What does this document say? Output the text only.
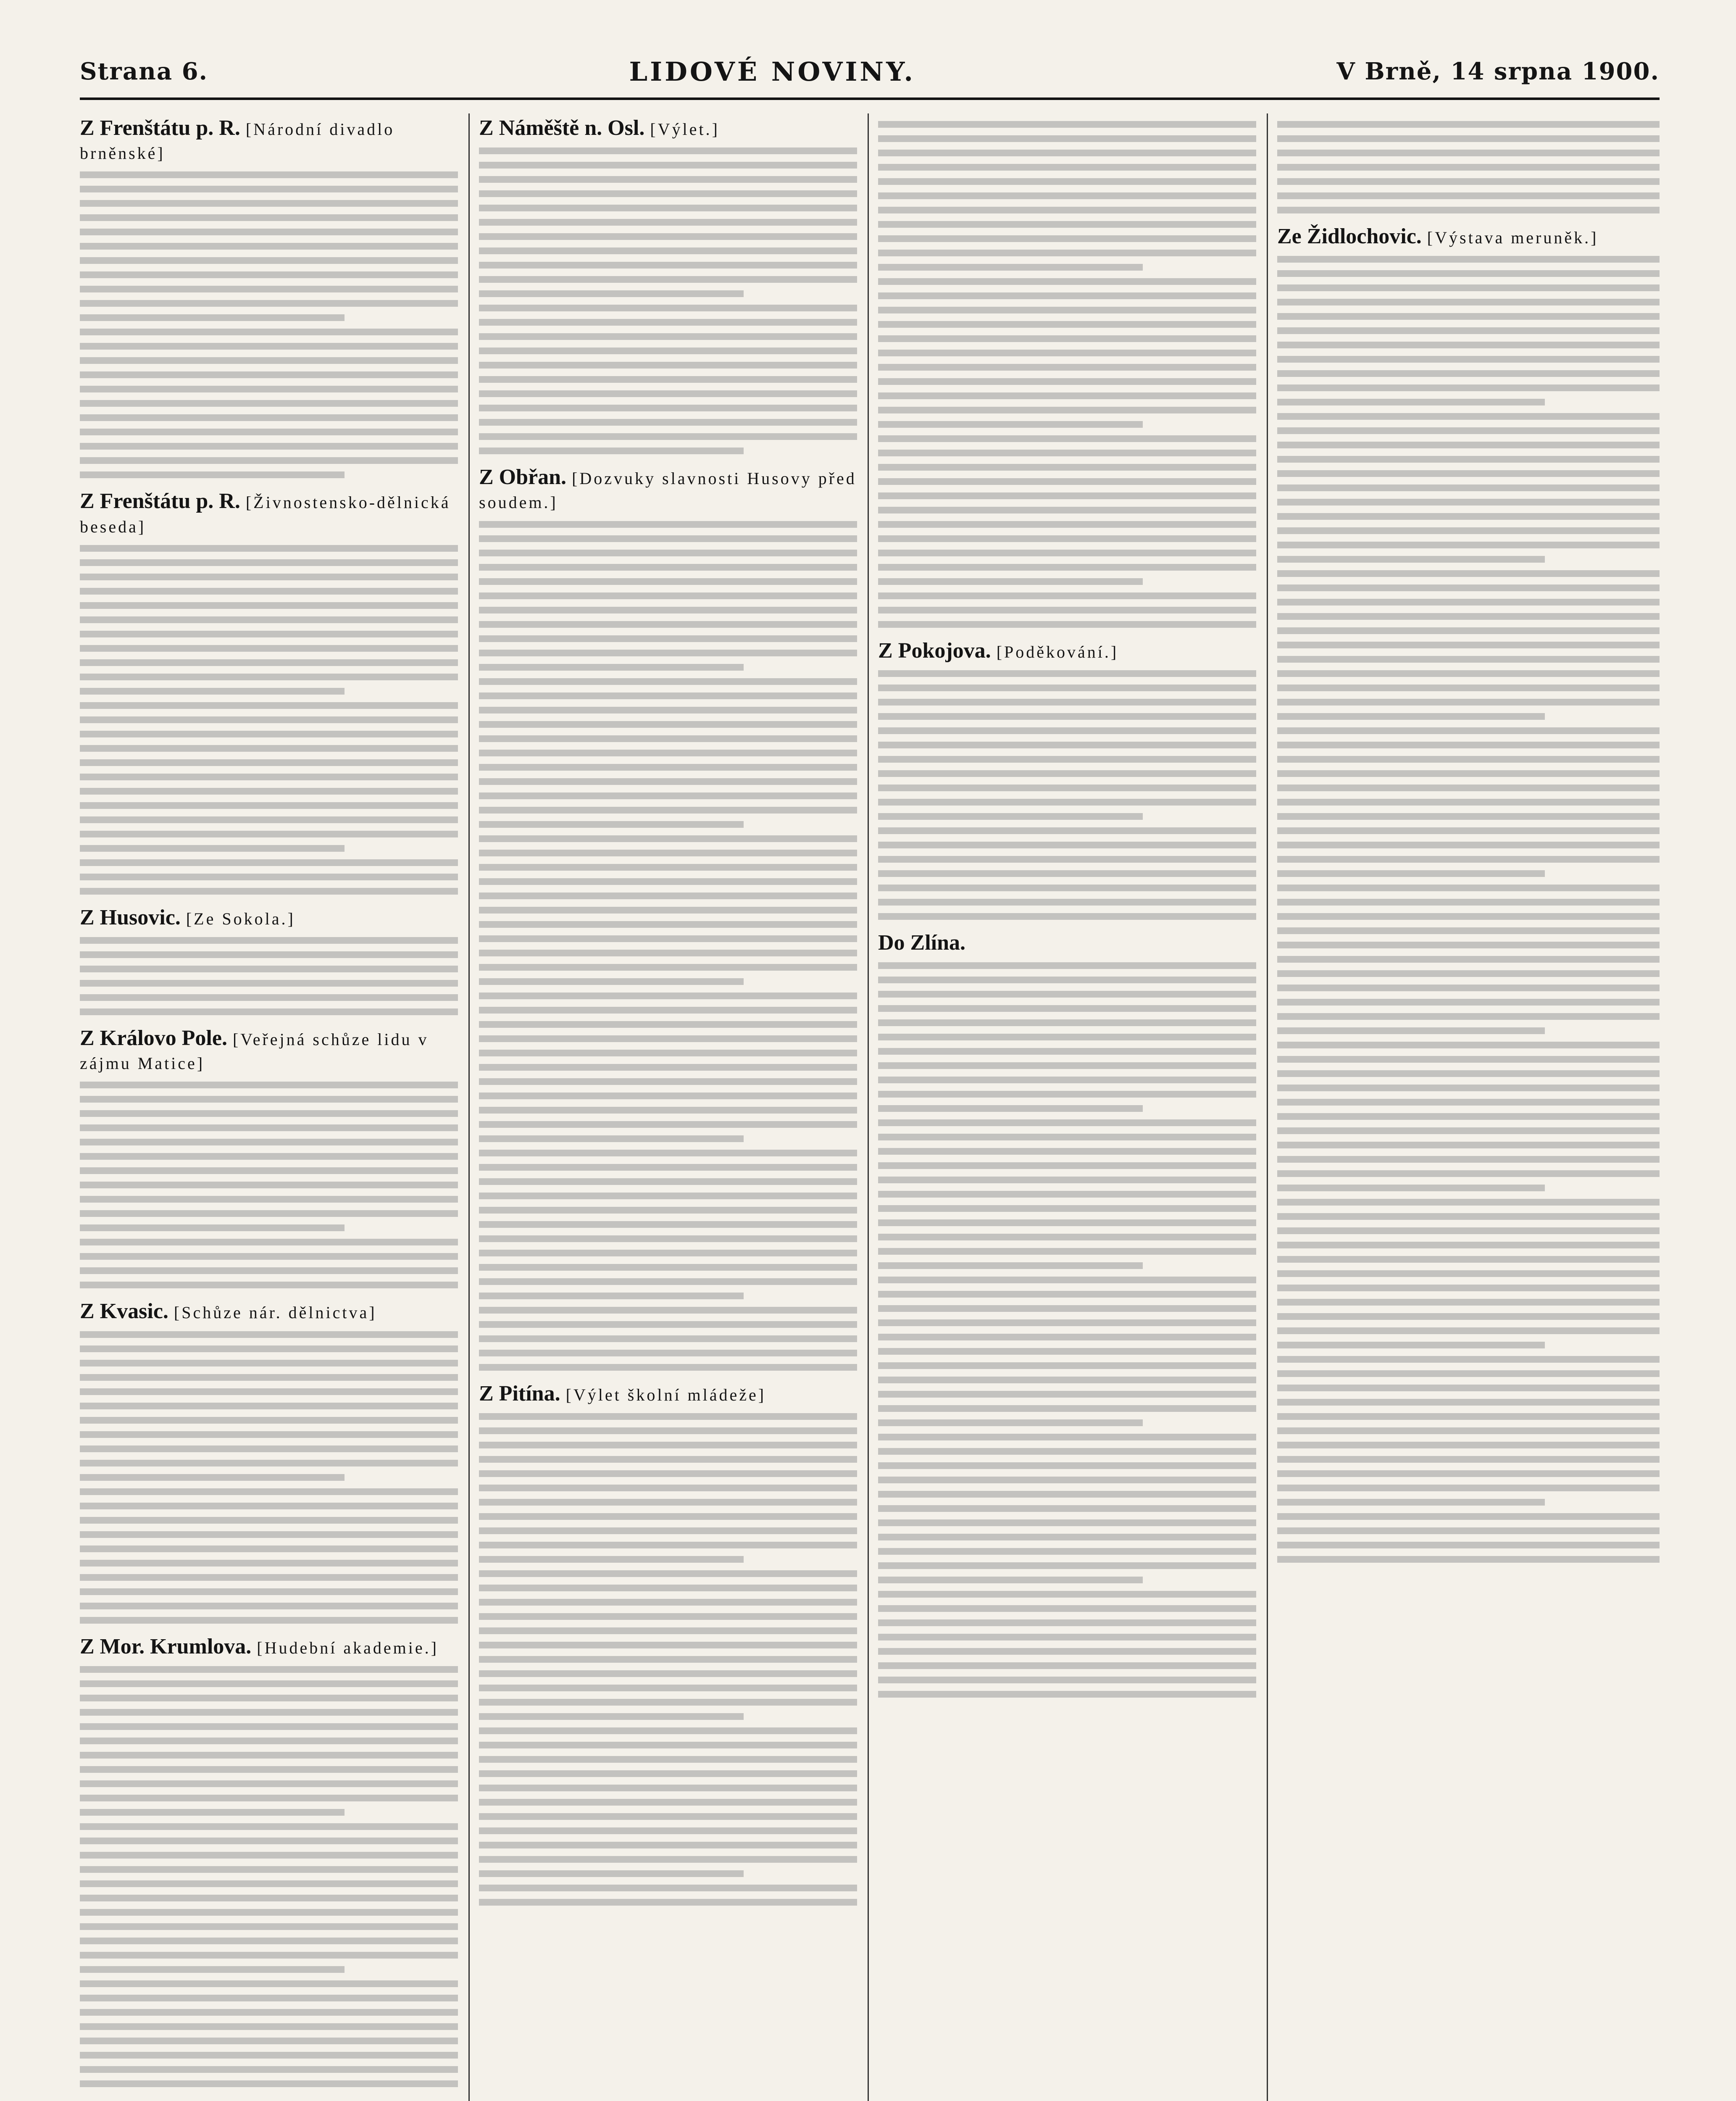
Strana 6.	LIDOVÉ NOVINY.	V Brně, 14 srpna 1900.
Z Frenštátu p. R. [Národní divadlo brněnské]
Z Frenštátu p. R. [Živnostensko-dělnická beseda]
Z Husovic. [Ze Sokola.]
Z Královo Pole. [Veřejná schůze lidu v zájmu Matice]
Z Kvasic. [Schůze nár. dělnictva]
Z Mor. Krumlova. [Hudební akademie.]
Z Náměště n. Osl. [Výlet.]
Z Obřan. [Dozvuky slavnosti Husovy před soudem.]
Z Pitína. [Výlet školní mládeže]
Z Pokojova. [Poděkování.]
Do Zlína.
Ze Židlochovic. [Výstava meruněk.]
